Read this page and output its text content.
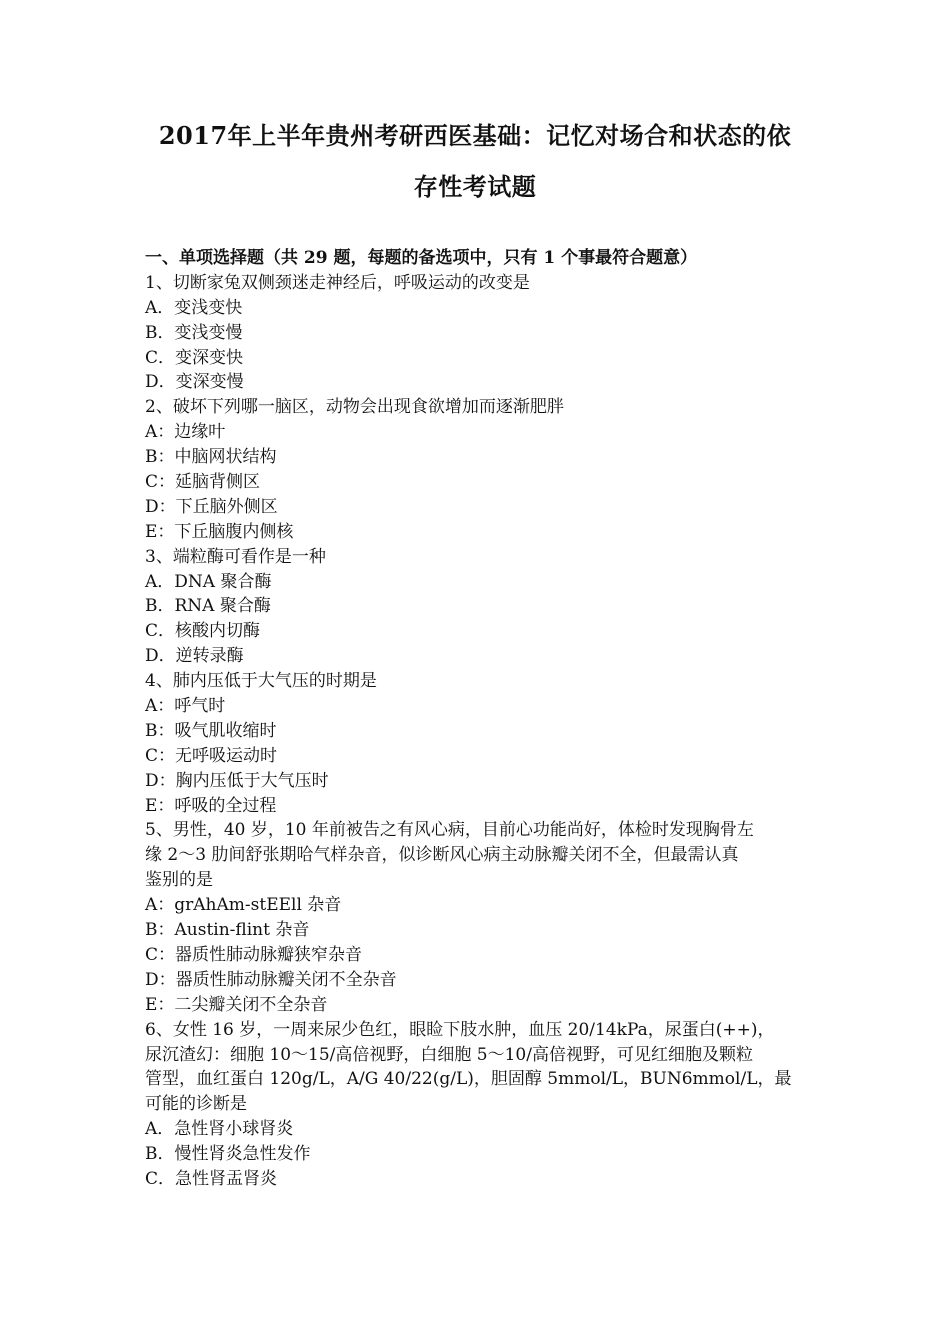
2017年上半年贵州考研西医基础：记忆对场合和状态的依
存性考试题
一、单项选择题（共 29 题，每题的备选项中，只有 1 个事最符合题意）
1、切断家兔双侧颈迷走神经后，呼吸运动的改变是
A．变浅变快
B．变浅变慢
C．变深变快
D．变深变慢
2、破坏下列哪一脑区，动物会出现食欲增加而逐渐肥胖
A：边缘叶
B：中脑网状结构
C：延脑背侧区
D：下丘脑外侧区
E：下丘脑腹内侧核
3、端粒酶可看作是一种
A．DNA 聚合酶
B．RNA 聚合酶
C．核酸内切酶
D．逆转录酶
4、肺内压低于大气压的时期是
A：呼气时
B：吸气肌收缩时
C：无呼吸运动时
D：胸内压低于大气压时
E：呼吸的全过程
5、男性，40 岁，10 年前被告之有风心病，目前心功能尚好，体检时发现胸骨左
缘 2～3 肋间舒张期哈气样杂音，似诊断风心病主动脉瓣关闭不全，但最需认真
鉴别的是
A：grAhAm-stEEll 杂音
B：Austin-flint 杂音
C：器质性肺动脉瓣狭窄杂音
D：器质性肺动脉瓣关闭不全杂音
E：二尖瓣关闭不全杂音
6、女性 16 岁，一周来尿少色红，眼睑下肢水肿，血压 20/14kPa，尿蛋白(++)，
尿沉渣幻：细胞 10～15/高倍视野，白细胞 5～10/高倍视野，可见红细胞及颗粒
管型，血红蛋白 120g/L，A/G 40/22(g/L)，胆固醇 5mmol/L，BUN6mmol/L，最
可能的诊断是
A．急性肾小球肾炎
B．慢性肾炎急性发作
C．急性肾盂肾炎
